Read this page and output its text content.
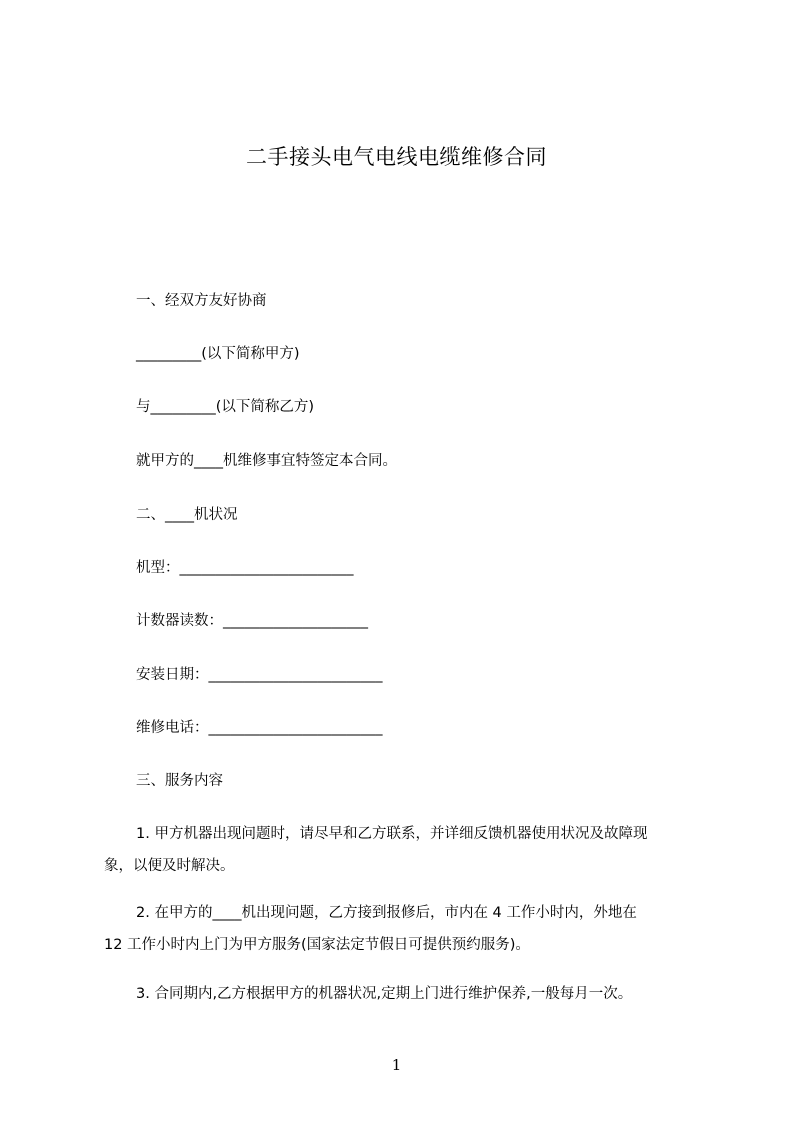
二手接头电气电线电缆维修合同
一、经双方友好协商
_________(以下简称甲方)
与_________(以下简称乙方)
就甲方的____机维修事宜特签定本合同。
二、____机状况
机型：________________________
计数器读数：____________________
安装日期：________________________
维修电话：________________________
三、服务内容
1. 甲方机器出现问题时，请尽早和乙方联系，并详细反馈机器使用状况及故障现
象，以便及时解决。
2. 在甲方的____机出现问题，乙方接到报修后，市内在 4 工作小时内，外地在
12 工作小时内上门为甲方服务(国家法定节假日可提供预约服务)。
3. 合同期内,乙方根据甲方的机器状况,定期上门进行维护保养,一般每月一次。
1
